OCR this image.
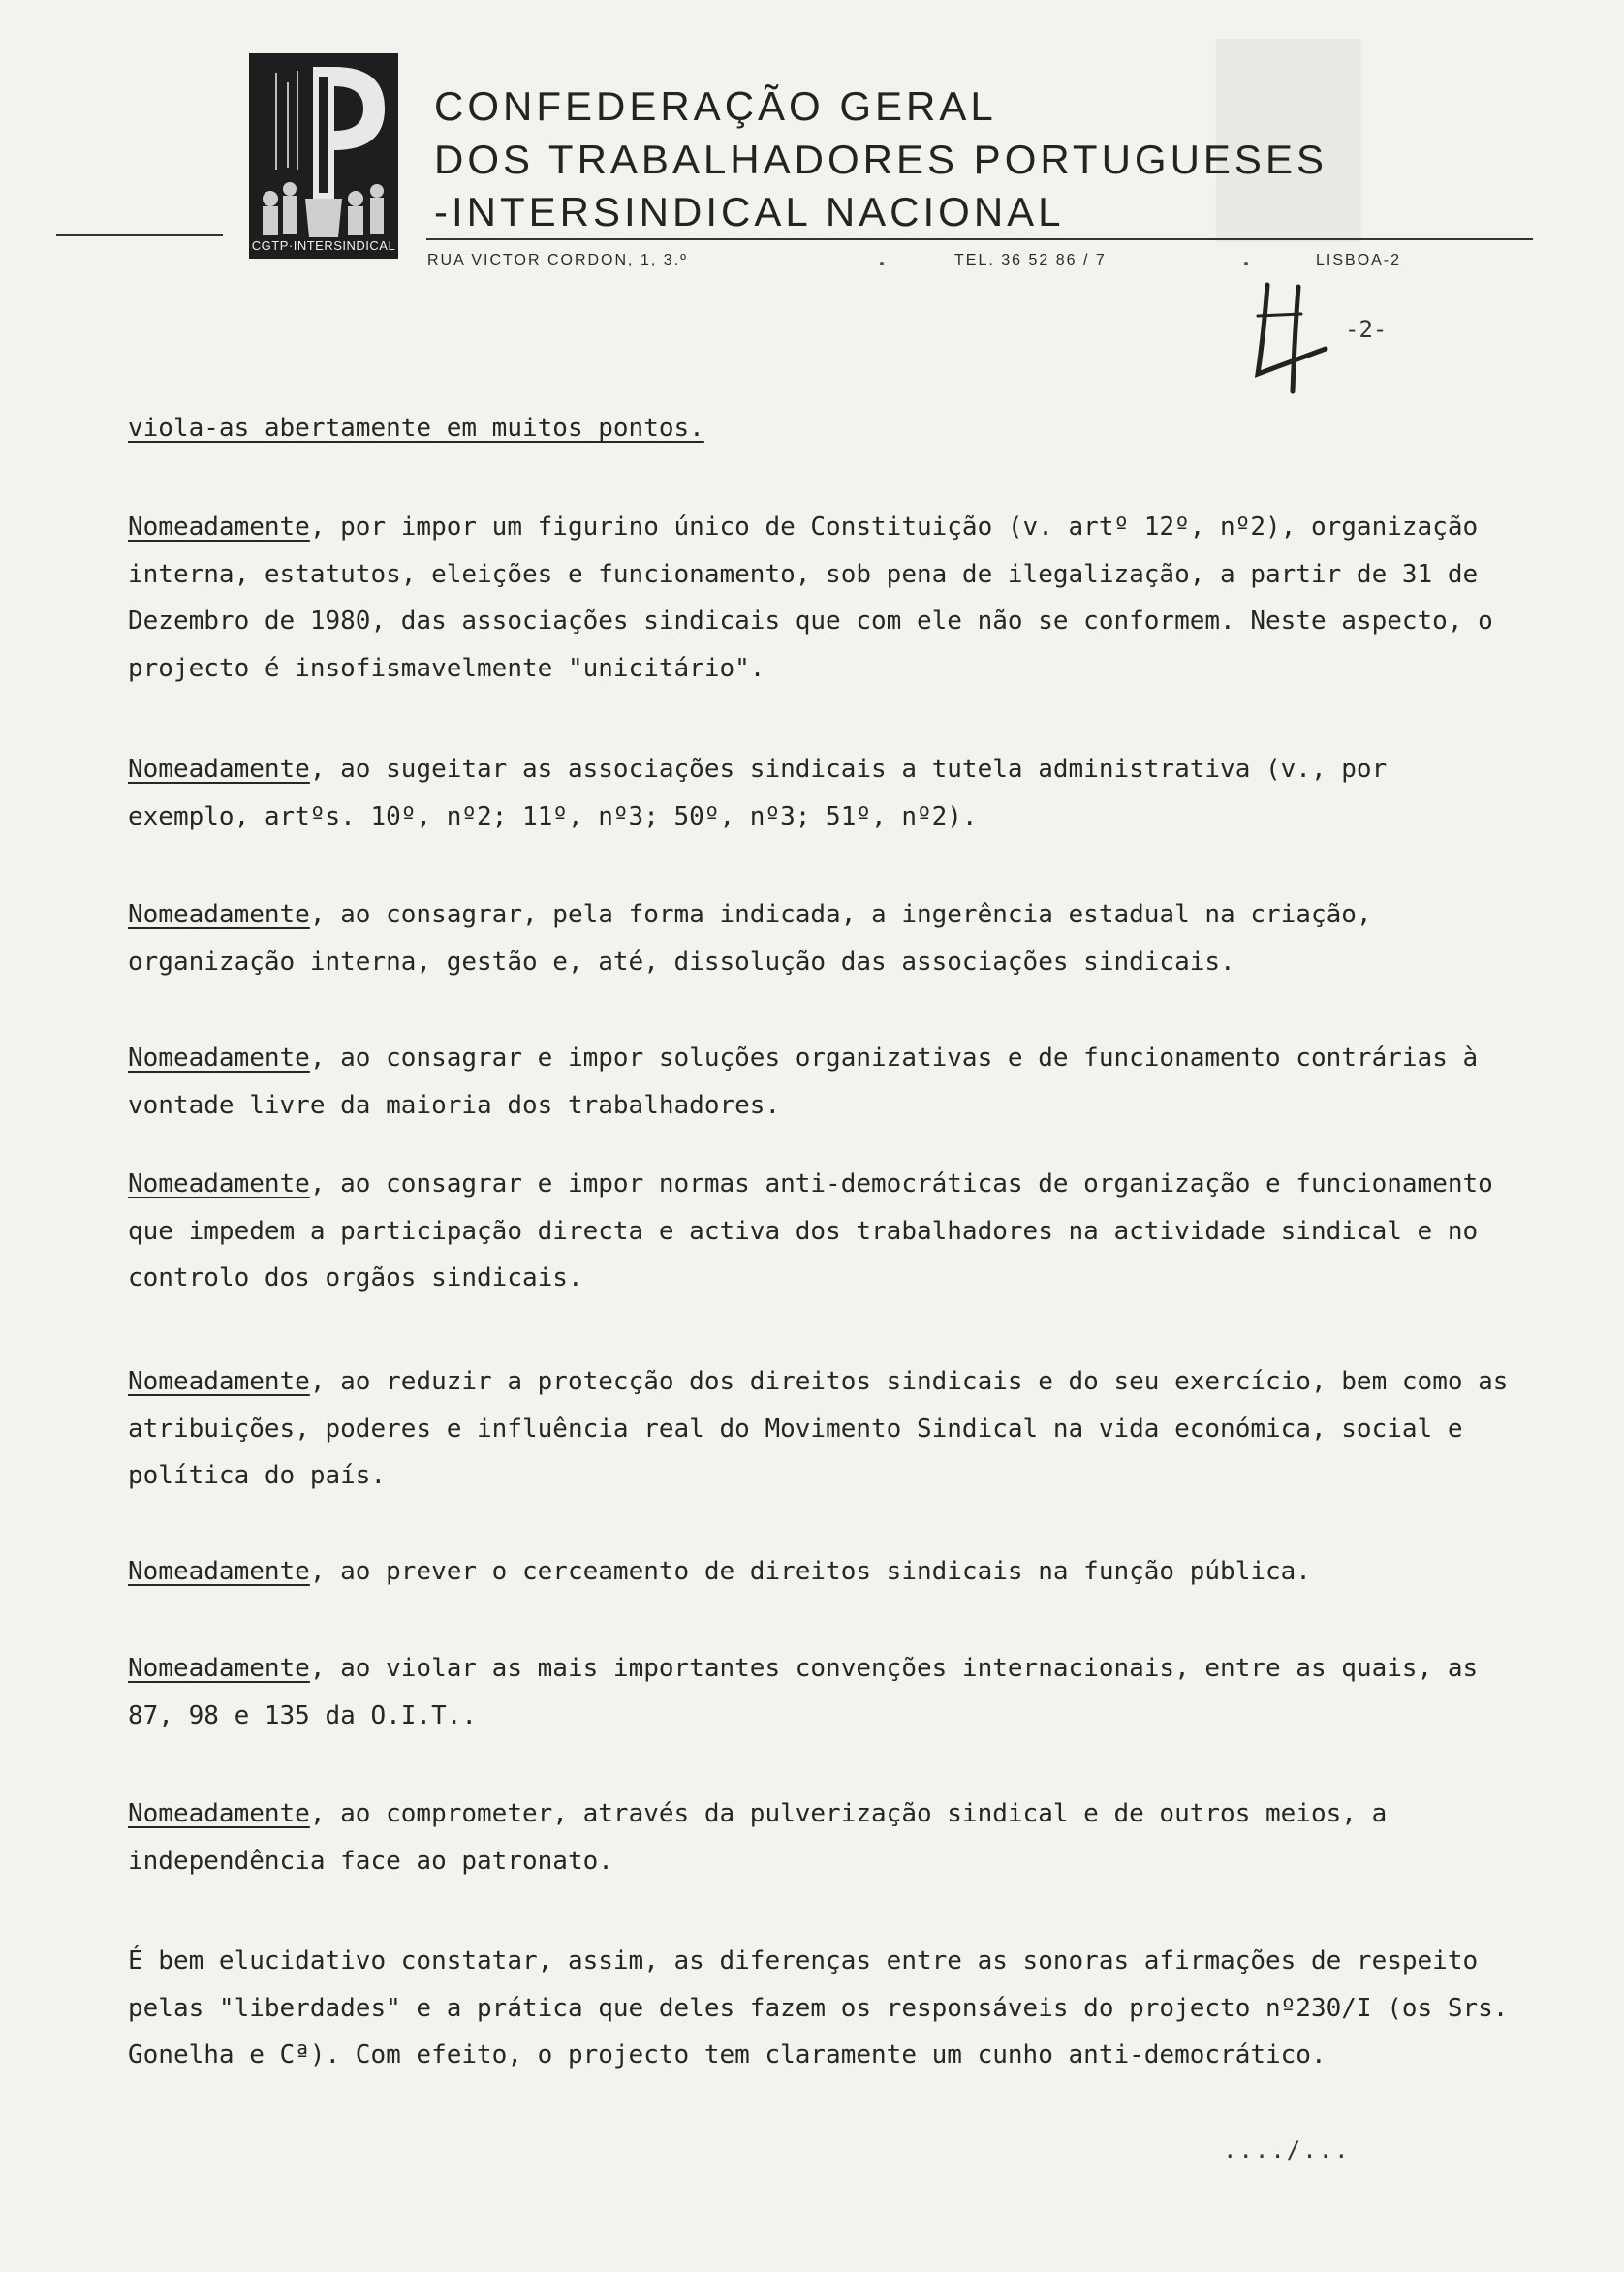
CGTP·INTERSINDICAL
CONFEDERAÇÃO GERAL
DOS TRABALHADORES PORTUGUESES
-INTERSINDICAL NACIONAL
RUA VICTOR CORDON, 1, 3.º	TEL. 36 52 86 / 7	LISBOA-2
-2-

viola-as abertamente em muitos pontos.

Nomeadamente, por impor um figurino único de Constituição (v. artº 12º, nº2), organização interna, estatutos, eleições e funcionamento, sob pena de ilegalização, a partir de 31 de Dezembro de 1980, das associações sindicais que com ele não se conformem. Neste aspecto, o projecto é insofismavelmente "unicitário".
Nomeadamente, ao sugeitar as associações sindicais a tutela administrativa (v., por exemplo, artºs. 10º, nº2; 11º, nº3; 50º, nº3; 51º, nº2).
Nomeadamente, ao consagrar, pela forma indicada, a ingerência estadual na criação, organização interna, gestão e, até, dissolução das associações sindicais.
Nomeadamente, ao consagrar e impor soluções organizativas e de funcionamento contrárias à vontade livre da maioria dos trabalhadores.
Nomeadamente, ao consagrar e impor normas anti-democráticas de organização e funcionamento que impedem a participação directa e activa dos trabalhadores na actividade sindical e no controlo dos orgãos sindicais.
Nomeadamente, ao reduzir a protecção dos direitos sindicais e do seu exercício, bem como as atribuições, poderes e influência real do Movimento Sindical na vida económica, social e política do país.
Nomeadamente, ao prever o cerceamento de direitos sindicais na função pública.
Nomeadamente, ao violar as mais importantes convenções internacionais, entre as quais, as 87, 98 e 135 da O.I.T..
Nomeadamente, ao comprometer, através da pulverização sindical e de outros meios, a independência face ao patronato.
É bem elucidativo constatar, assim, as diferenças entre as sonoras afirmações de respeito pelas "liberdades" e a prática que deles fazem os responsáveis do projecto nº230/I (os Srs. Gonelha e Cª). Com efeito, o projecto tem claramente um cunho anti-democrático.
..../...
